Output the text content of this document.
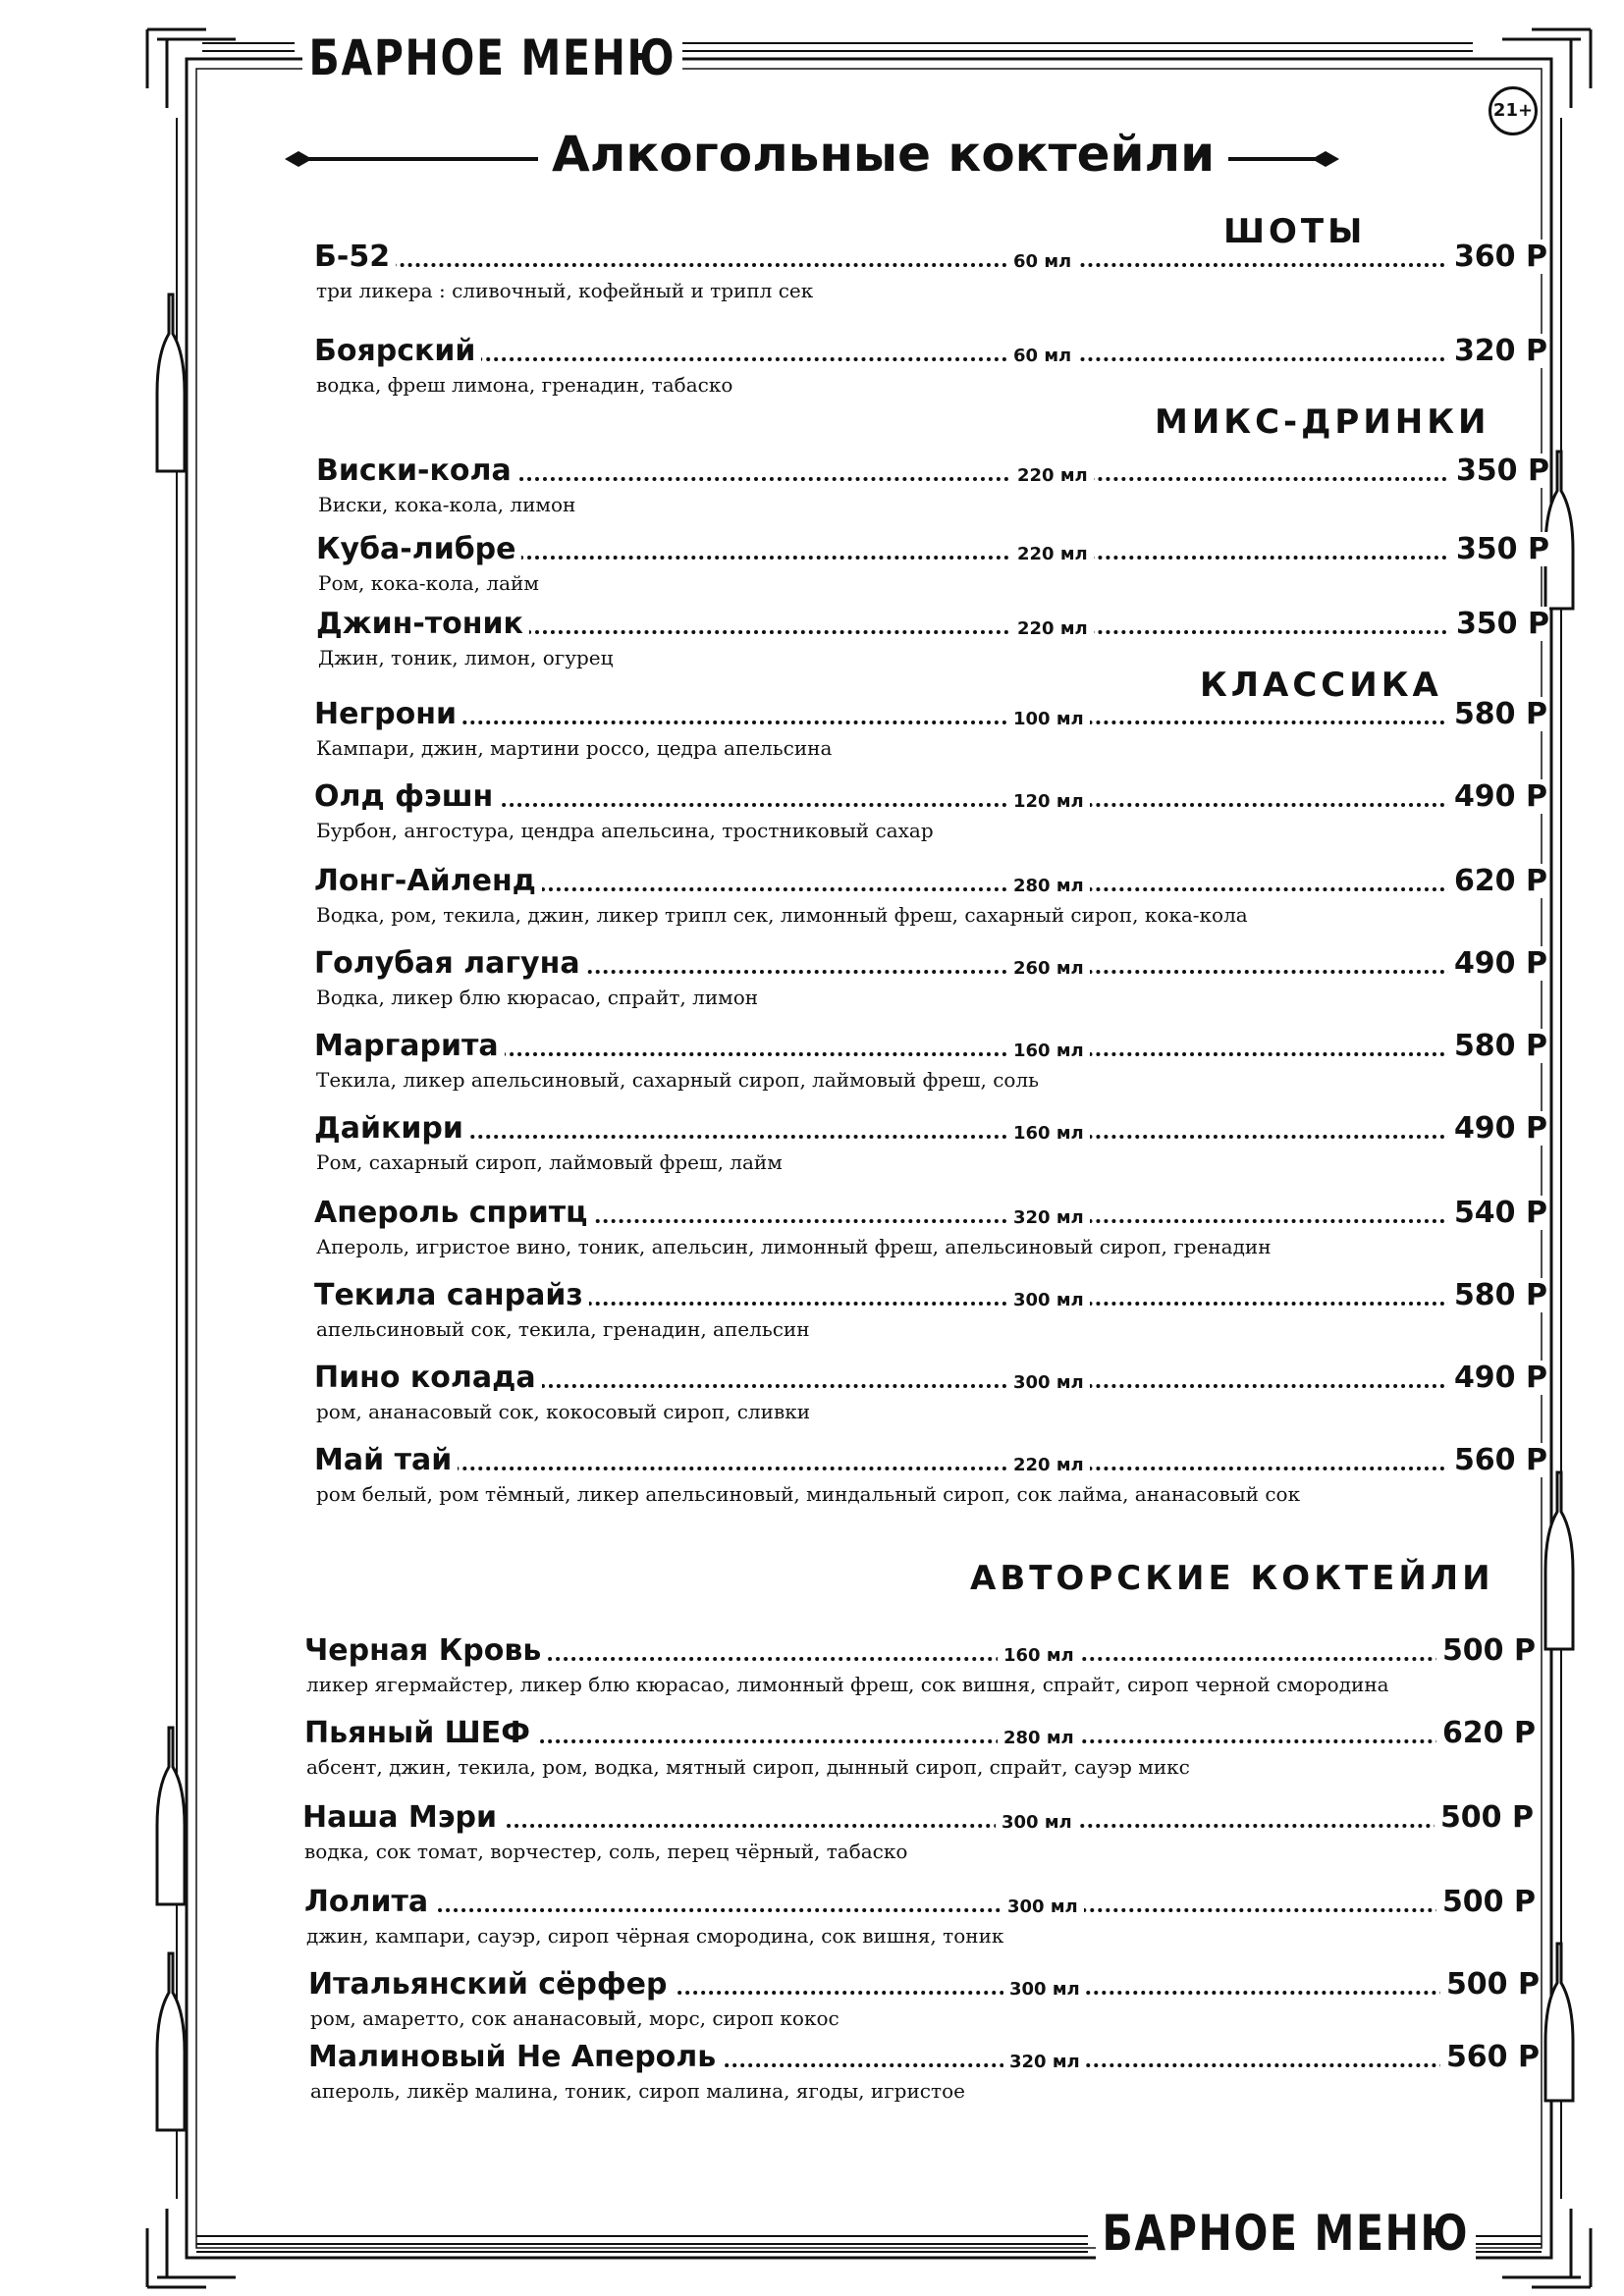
БАРНОЕ МЕНЮ
21+
Алкогольные коктейли
ШОТЫ
МИКС-ДРИНКИ
КЛАССИКА
АВТОРСКИЕ КОКТЕЙЛИ
Б-52	60 мл	360 Р
три ликера : сливочный, кофейный и трипл сек
Боярский	60 мл	320 Р
водка, фреш лимона, гренадин, табаско
Виски-кола	220 мл	350 Р
Виски, кока-кола, лимон
Куба-либре	220 мл	350 Р
Ром, кока-кола, лайм
Джин-тоник	220 мл	350 Р
Джин, тоник, лимон, огурец
Негрони	100 мл	580 Р
Кампари, джин, мартини россо, цедра апельсина
Олд фэшн	120 мл	490 Р
Бурбон, ангостура, цендра апельсина, тростниковый сахар
Лонг-Айленд	280 мл	620 Р
Водка, ром, текила, джин, ликер трипл сек, лимонный фреш, сахарный сироп, кока-кола
Голубая лагуна	260 мл	490 Р
Водка, ликер блю кюрасао, спрайт, лимон
Маргарита	160 мл	580 Р
Текила, ликер апельсиновый, сахарный сироп, лаймовый фреш, соль
Дайкири	160 мл	490 Р
Ром, сахарный сироп, лаймовый фреш, лайм
Апероль спритц	320 мл	540 Р
Апероль, игристое вино, тоник, апельсин, лимонный фреш, апельсиновый сироп, гренадин
Текила санрайз	300 мл	580 Р
апельсиновый сок, текила, гренадин, апельсин
Пино колада	300 мл	490 Р
ром, ананасовый сок, кокосовый сироп, сливки
Май тай	220 мл	560 Р
ром белый, ром тёмный, ликер апельсиновый, миндальный сироп, сок лайма, ананасовый сок
Черная Кровь	160 мл	500 Р
ликер ягермайстер, ликер блю кюрасао, лимонный фреш, сок вишня, спрайт, сироп черной смородина
Пьяный ШЕФ	280 мл	620 Р
абсент, джин, текила, ром, водка, мятный сироп, дынный сироп, спрайт, сауэр микс
Наша Мэри	300 мл	500 Р
водка, сок томат, ворчестер, соль, перец чёрный, табаско
Лолита	300 мл	500 Р
джин, кампари, сауэр, сироп чёрная смородина, сок вишня, тоник
Итальянский сёрфер	300 мл	500 Р
ром, амаретто, сок ананасовый, морс, сироп кокос
Малиновый Не Апероль	320 мл	560 Р
апероль, ликёр малина, тоник, сироп малина, ягоды, игристое
БАРНОЕ МЕНЮ
